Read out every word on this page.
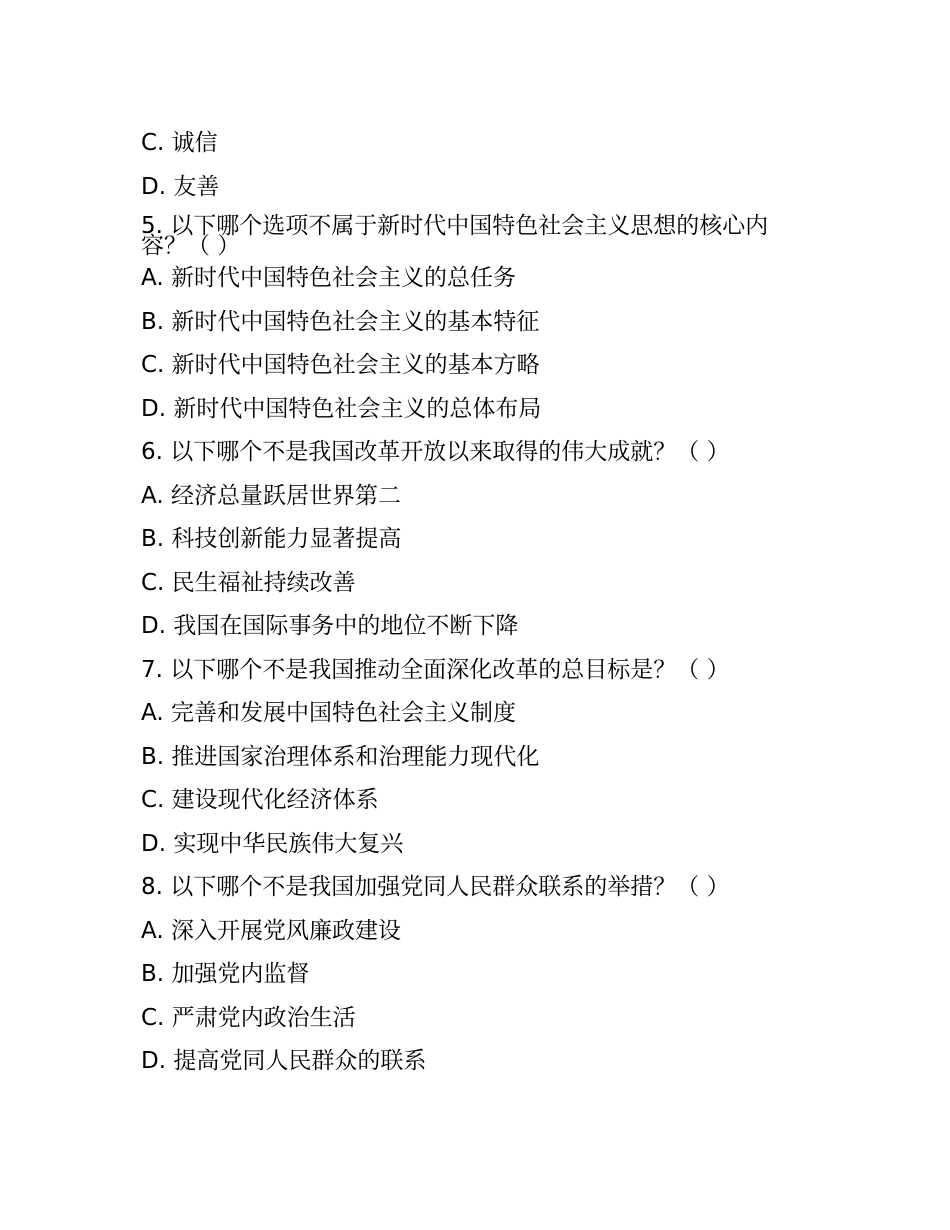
C. 诚信
D. 友善
5. 以下哪个选项不属于新时代中国特色社会主义思想的核心内容？（ ）
A. 新时代中国特色社会主义的总任务
B. 新时代中国特色社会主义的基本特征
C. 新时代中国特色社会主义的基本方略
D. 新时代中国特色社会主义的总体布局
6. 以下哪个不是我国改革开放以来取得的伟大成就？（ ）
A. 经济总量跃居世界第二
B. 科技创新能力显著提高
C. 民生福祉持续改善
D. 我国在国际事务中的地位不断下降
7. 以下哪个不是我国推动全面深化改革的总目标是？（ ）
A. 完善和发展中国特色社会主义制度
B. 推进国家治理体系和治理能力现代化
C. 建设现代化经济体系
D. 实现中华民族伟大复兴
8. 以下哪个不是我国加强党同人民群众联系的举措？（ ）
A. 深入开展党风廉政建设
B. 加强党内监督
C. 严肃党内政治生活
D. 提高党同人民群众的联系
